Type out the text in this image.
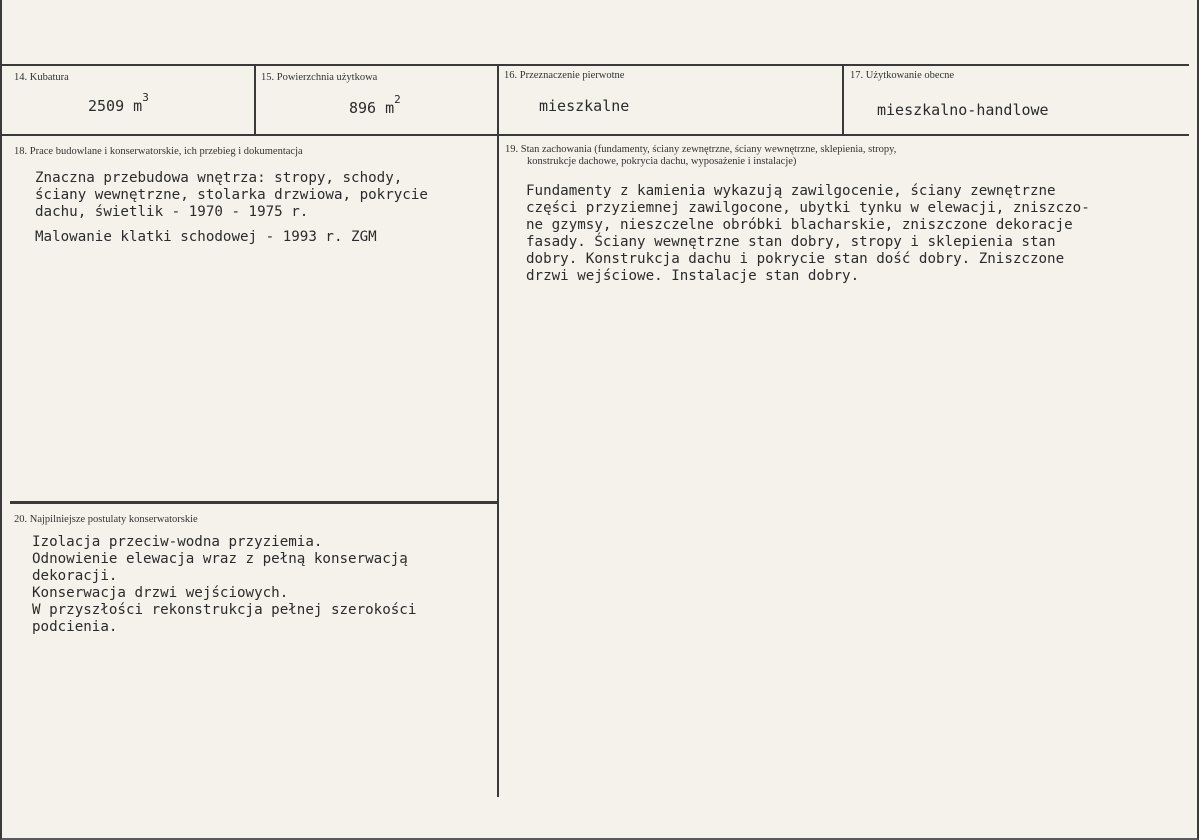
14. Kubatura
2509 $m^3$
15. Powierzchnia użytkowa
896 $m^2$
16. Przeznaczenie pierwotne
mieszkalne
17. Użytkowanie obecne
mieszkalno-handlowe
18. Prace budowlane i konserwatorskie, ich przebieg i dokumentacja
Znaczna przebudowa wnętrza: stropy, schody,
ściany wewnętrzne, stolarka drzwiowa, pokrycie
dachu, świetlik - 1970 - 1975 r.
Malowanie klatki schodowej - 1993 r. ZGM
19. Stan zachowania (fundamenty, ściany zewnętrzne, ściany wewnętrzne, sklepienia, stropy,
konstrukcje dachowe, pokrycia dachu, wyposażenie i instalacje)
Fundamenty z kamienia wykazują zawilgocenie, ściany zewnętrzne
części przyziemnej zawilgocone, ubytki tynku w elewacji, zniszczo-
ne gzymsy, nieszczelne obróbki blacharskie, zniszczone dekoracje
fasady. Ściany wewnętrzne stan dobry, stropy i sklepienia stan
dobry. Konstrukcja dachu i pokrycie stan dość dobry. Zniszczone
drzwi wejściowe. Instalacje stan dobry.
20. Najpilniejsze postulaty konserwatorskie
Izolacja przeciw-wodna przyziemia.
Odnowienie elewacja wraz z pełną konserwacją
dekoracji.
Konserwacja drzwi wejściowych.
W przyszłości rekonstrukcja pełnej szerokości
podcienia.
